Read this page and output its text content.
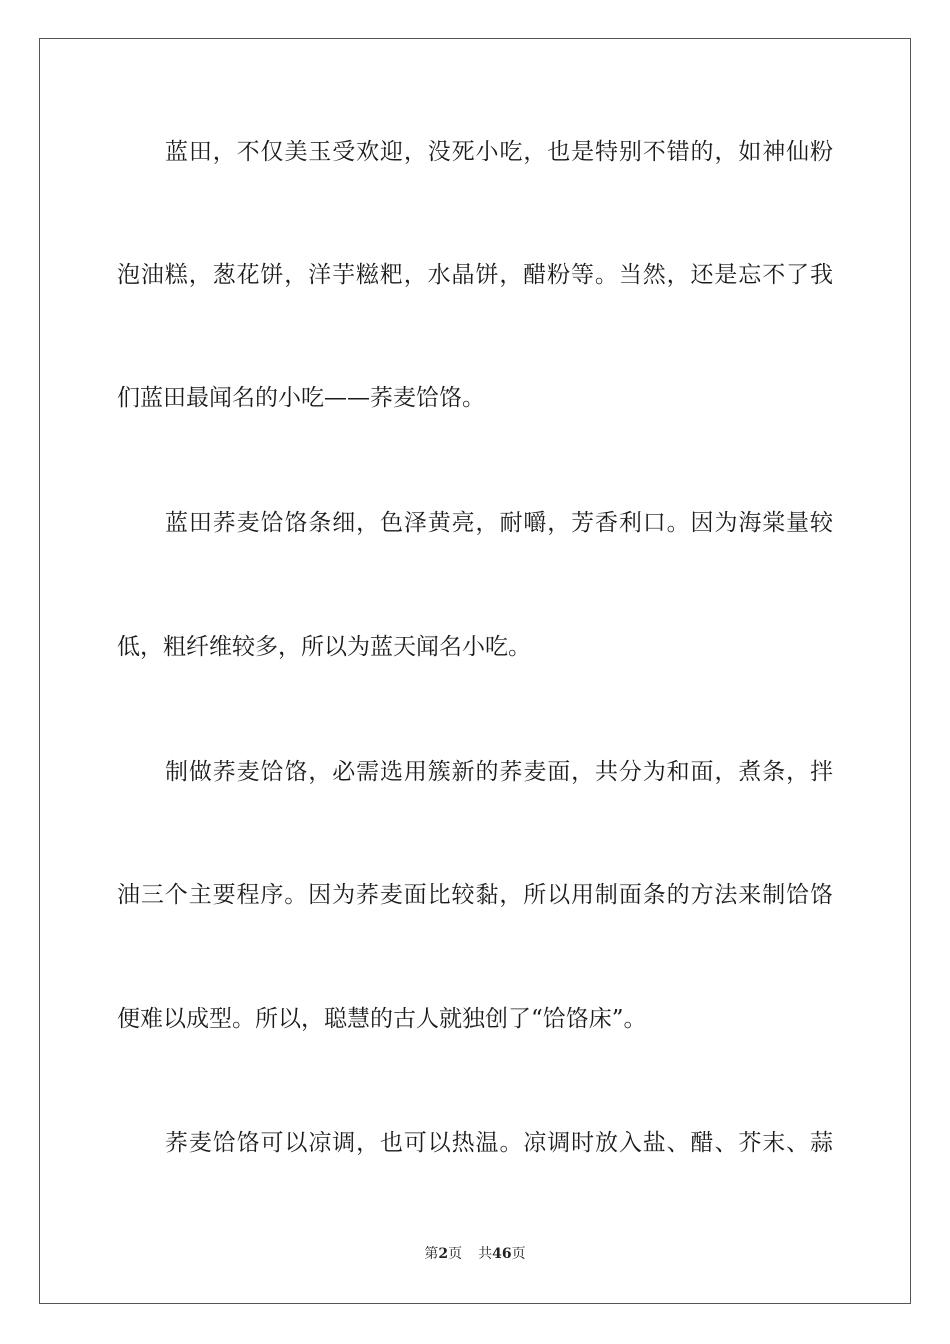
蓝田，不仅美玉受欢迎，没死小吃，也是特别不错的，如神仙粉
泡油糕，葱花饼，洋芋糍粑，水晶饼，醋粉等。当然，还是忘不了我
们蓝田最闻名的小吃——荞麦饸饹。
蓝田荞麦饸饹条细，色泽黄亮，耐嚼，芳香利口。因为海棠量较
低，粗纤维较多，所以为蓝天闻名小吃。
制做荞麦饸饹，必需选用簇新的荞麦面，共分为和面，煮条，拌
油三个主要程序。因为荞麦面比较黏，所以用制面条的方法来制饸饹
便难以成型。所以，聪慧的古人就独创了“饸饹床”。
荞麦饸饹可以凉调，也可以热温。凉调时放入盐、醋、芥末、蒜
第2页 共46页
